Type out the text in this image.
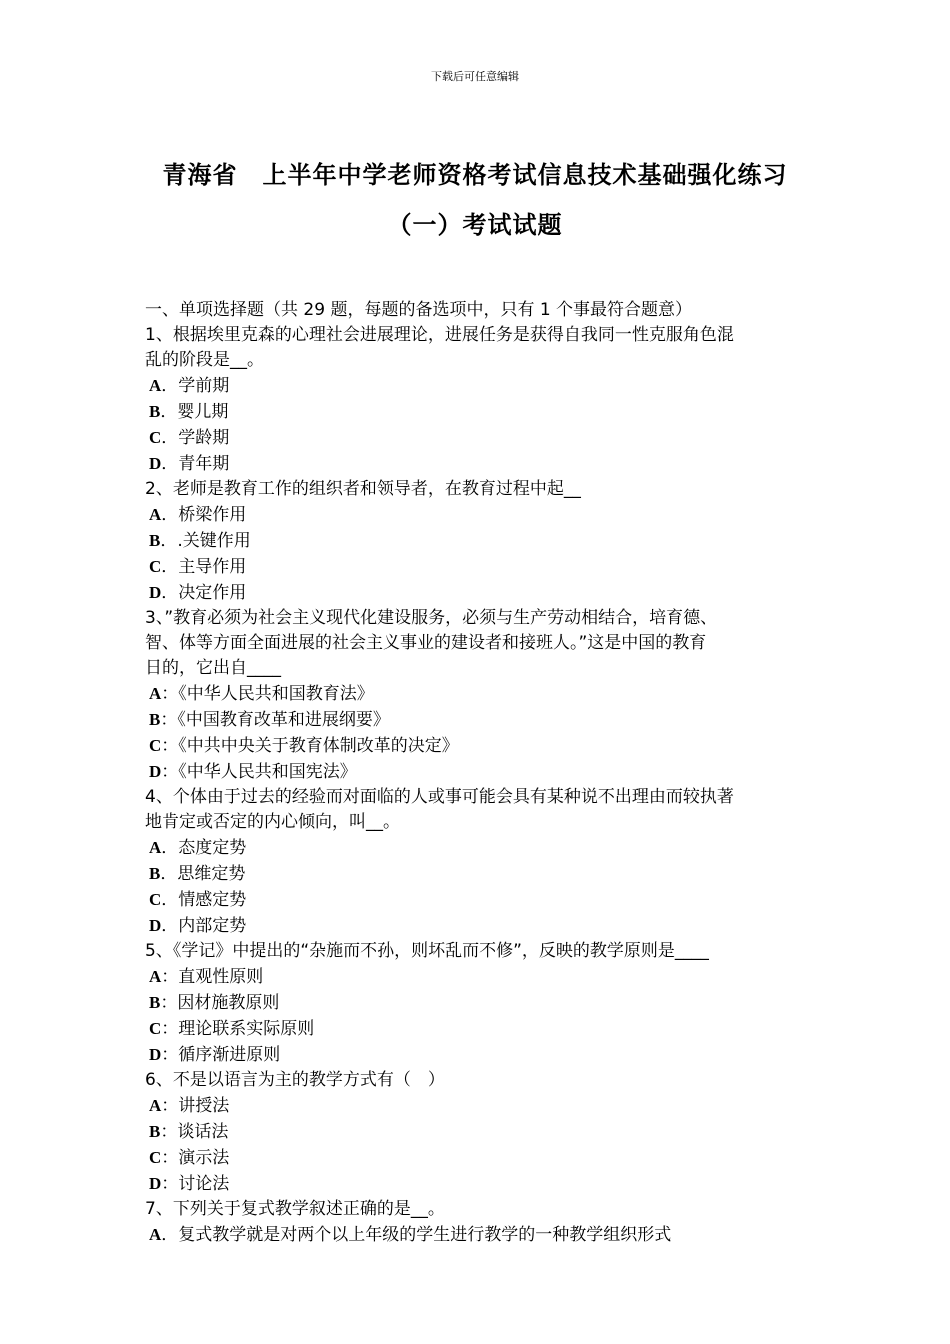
下载后可任意编辑
青海省　上半年中学老师资格考试信息技术基础强化练习
（一）考试试题
一、单项选择题（共 29 题，每题的备选项中，只有 1 个事最符合题意）
1、根据埃里克森的心理社会进展理论，进展任务是获得自我同一性克服角色混
乱的阶段是__。
A．学前期
B．婴儿期
C．学龄期
D．青年期
2、老师是教育工作的组织者和领导者，在教育过程中起__
A．桥梁作用
B．.关键作用
C．主导作用
D．决定作用
3、”教育必须为社会主义现代化建设服务，必须与生产劳动相结合，培育德、
智、体等方面全面进展的社会主义事业的建设者和接班人。”这是中国的教育
日的，它出自____
A：《中华人民共和国教育法》
B：《中国教育改革和进展纲要》
C：《中共中央关于教育体制改革的决定》
D：《中华人民共和国宪法》
4、个体由于过去的经验而对面临的人或事可能会具有某种说不出理由而较执著
地肯定或否定的内心倾向，叫__。
A．态度定势
B．思维定势
C．情感定势
D．内部定势
5、《学记》中提出的“杂施而不孙，则坏乱而不修”，反映的教学原则是____
A：直观性原则
B：因材施教原则
C：理论联系实际原则
D：循序渐进原则
6、不是以语言为主的教学方式有（　）
A：讲授法
B：谈话法
C：演示法
D：讨论法
7、下列关于复式教学叙述正确的是__。
A．复式教学就是对两个以上年级的学生进行教学的一种教学组织形式
